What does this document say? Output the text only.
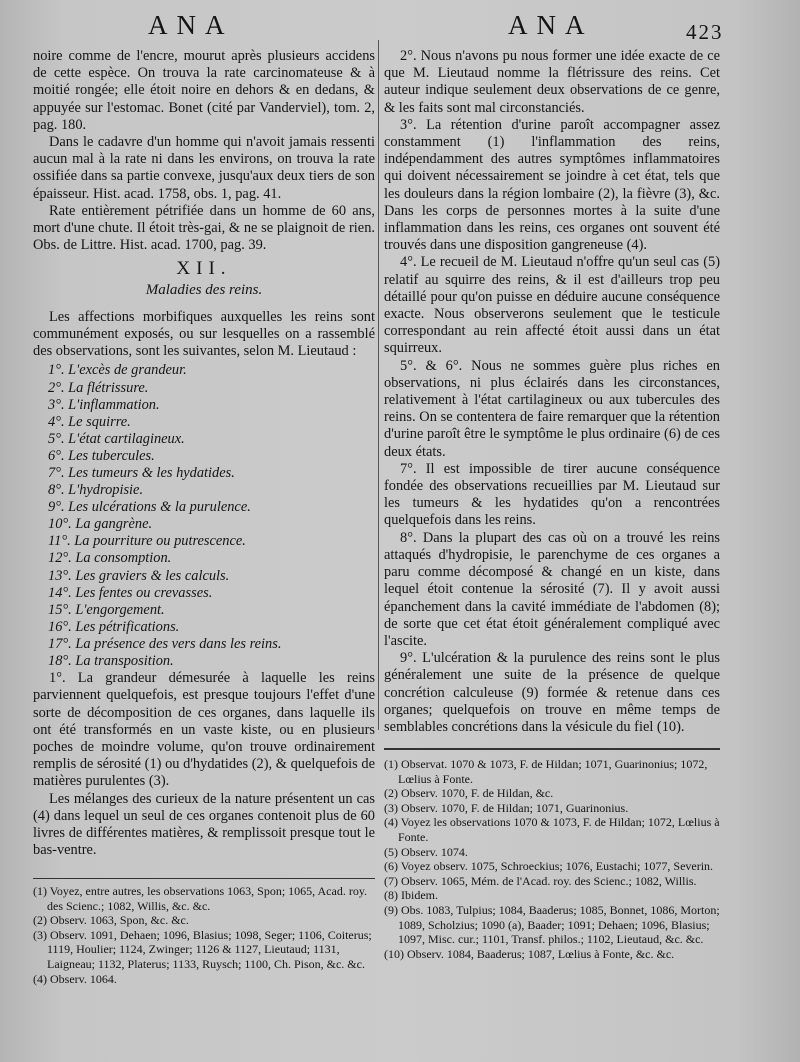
ANA	ANA	423

noire comme de l'encre, mourut après plusieurs accidens de cette espèce. On trouva la rate carcinomateuse & à moitié rongée; elle étoit noire en dehors & en dedans, & appuyée sur l'estomac. Bonet (cité par Vanderviel), tom. 2, pag. 180.

Dans le cadavre d'un homme qui n'avoit jamais ressenti aucun mal à la rate ni dans les environs, on trouva la rate ossifiée dans sa partie convexe, jusqu'aux deux tiers de son épaisseur. Hist. acad. 1758, obs. 1, pag. 41.

Rate entièrement pétrifiée dans un homme de 60 ans, mort d'une chute. Il étoit très-gai, & ne se plaignoit de rien. Obs. de Littre. Hist. acad. 1700, pag. 39.

XII.
Maladies des reins.

Les affections morbifiques auxquelles les reins sont communément exposés, ou sur lesquelles on a rassemblé des observations, sont les suivantes, selon M. Lieutaud :

1°. L'excès de grandeur.
2°. La flétrissure.
3°. L'inflammation.
4°. Le squirre.
5°. L'état cartilagineux.
6°. Les tubercules.
7°. Les tumeurs & les hydatides.
8°. L'hydropisie.
9°. Les ulcérations & la purulence.
10°. La gangrène.
11°. La pourriture ou putrescence.
12°. La consomption.
13°. Les graviers & les calculs.
14°. Les fentes ou crevasses.
15°. L'engorgement.
16°. Les pétrifications.
17°. La présence des vers dans les reins.
18°. La transposition.

1°. La grandeur démesurée à laquelle les reins parviennent quelquefois, est presque toujours l'effet d'une sorte de décomposition de ces organes, dans laquelle ils ont été transformés en un vaste kiste, ou en plusieurs poches de moindre volume, qu'on trouve ordinairement remplis de sérosité (1) ou d'hydatides (2), & quelquefois de matières purulentes (3).

Les mélanges des curieux de la nature présentent un cas (4) dans lequel un seul de ces organes contenoit plus de 60 livres de différentes matières, & remplissoit presque tout le bas-ventre.

2°. Nous n'avons pu nous former une idée exacte de ce que M. Lieutaud nomme la flétrissure des reins. Cet auteur indique seulement deux observations de ce genre, & les faits sont mal circonstanciés.

3°. La rétention d'urine paroît accompagner assez constamment (1) l'inflammation des reins, indépendamment des autres symptômes inflammatoires qui doivent nécessairement se joindre à cet état, tels que les douleurs dans la région lombaire (2), la fièvre (3), &c. Dans les corps de personnes mortes à la suite d'une inflammation dans les reins, ces organes ont souvent été trouvés dans une disposition gangreneuse (4).

4°. Le recueil de M. Lieutaud n'offre qu'un seul cas (5) relatif au squirre des reins, & il est d'ailleurs trop peu détaillé pour qu'on puisse en déduire aucune conséquence exacte. Nous observerons seulement que le testicule correspondant au rein affecté étoit aussi dans un état squirreux.

5°. & 6°. Nous ne sommes guère plus riches en observations, ni plus éclairés dans les circonstances, relativement à l'état cartilagineux ou aux tubercules des reins. On se contentera de faire remarquer que la rétention d'urine paroît être le symptôme le plus ordinaire (6) de ces deux états.

7°. Il est impossible de tirer aucune conséquence fondée des observations recueillies par M. Lieutaud sur les tumeurs & les hydatides qu'on a rencontrées quelquefois dans les reins.

8°. Dans la plupart des cas où on a trouvé les reins attaqués d'hydropisie, le parenchyme de ces organes a paru comme décomposé & changé en un kiste, dans lequel étoit contenue la sérosité (7). Il y avoit aussi épanchement dans la cavité immédiate de l'abdomen (8); de sorte que cet état étoit généralement compliqué avec l'ascite.

9°. L'ulcération & la purulence des reins sont le plus généralement une suite de la présence de quelque concrétion calculeuse (9) formée & retenue dans ces organes; quelquefois on trouve en même temps de semblables concrétions dans la vésicule du fiel (10).

(1) Voyez, entre autres, les observations 1063, Spon; 1065, Acad. roy. des Scienc.; 1082, Willis, &c. &c.
(2) Observ. 1063, Spon, &c. &c.
(3) Observ. 1091, Dehaen; 1096, Blasius; 1098, Seger; 1106, Coiterus; 1119, Houlier; 1124, Zwinger; 1126 & 1127, Lieutaud; 1131, Laigneau; 1132, Platerus; 1133, Ruysch; 1100, Ch. Pison, &c. &c.
(4) Observ. 1064.
(1) Observat. 1070 & 1073, F. de Hildan; 1071, Guarinonius; 1072, Lœlius à Fonte.
(2) Observ. 1070, F. de Hildan, &c.
(3) Observ. 1070, F. de Hildan; 1071, Guarinonius.
(4) Voyez les observations 1070 & 1073, F. de Hildan; 1072, Lœlius à Fonte.
(5) Observ. 1074.
(6) Voyez observ. 1075, Schroeckius; 1076, Eustachi; 1077, Severin.
(7) Observ. 1065, Mém. de l'Acad. roy. des Scienc.; 1082, Willis.
(8) Ibidem.
(9) Obs. 1083, Tulpius; 1084, Baaderus; 1085, Bonnet, 1086, Morton; 1089, Scholzius; 1090 (a), Baader; 1091; Dehaen; 1096, Blasius; 1097, Misc. cur.; 1101, Transf. philos.; 1102, Lieutaud, &c. &c.
(10) Observ. 1084, Baaderus; 1087, Lœlius à Fonte, &c. &c.
